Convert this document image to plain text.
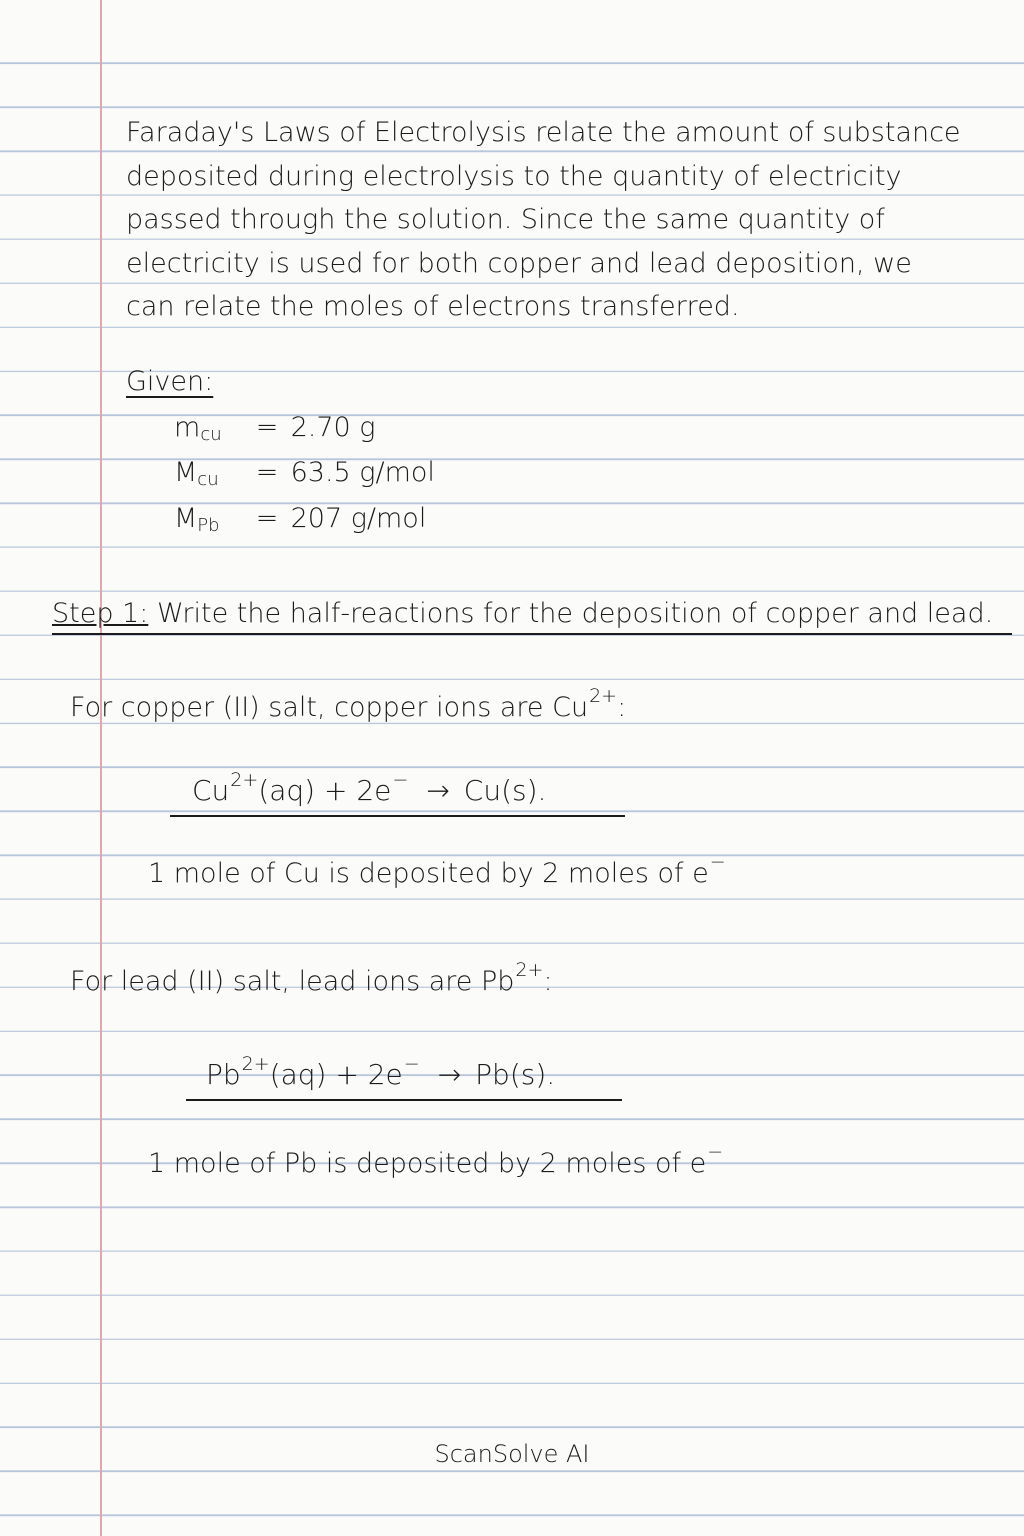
Faraday's Laws of Electrolysis relate the amount of substance
deposited during electrolysis to the quantity of electricity
passed through the solution. Since the same quantity of
electricity is used for both copper and lead deposition, we
can relate the moles of electrons transferred.
Given:
$m_{cu} = 2.70$ g
$M_{cu} = 63.5$ g/mol
$M_{Pb} = 207$ g/mol
Step 1: Write the half-reactions for the deposition of copper and lead.
For copper (II) salt, copper ions are $Cu^{2+}$:
$Cu^{2+}(aq) + 2e^- \to Cu(s)$.
1 mole of Cu is deposited by 2 moles of e−
For lead (II) salt, lead ions are $Pb^{2+}$:
$Pb^{2+}(aq) + 2e^- \to Pb(s)$.
1 mole of Pb is deposited by 2 moles of e−
ScanSolve AI
